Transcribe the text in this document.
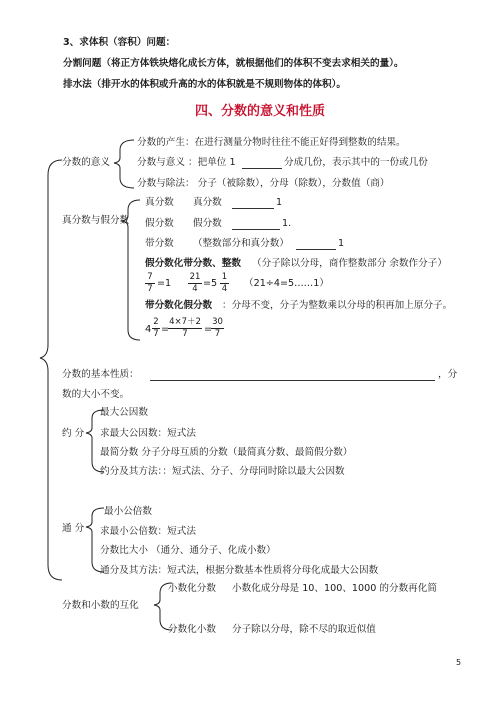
3、求体积（容积）问题：
分割问题（将正方体铁块熔化成长方体，就根据他们的体积不变去求相关的量）。
排水法（排开水的体积或升高的水的体积就是不规则物体的体积）。
四、分数的意义和性质
分数的意义
分数的产生：在进行测量分物时往往不能正好得到整数的结果。
分数与意义 ：把单位 1	分成几份，表示其中的一份或几份
分数与除法： 分子（被除数），分母（除数），分数值（商）
真分数与假分数
真分数 真分数	1
假分数 假分数	1.
带分数 （整数部分和真分数）	1
假分数化带分数、整数 （分子除以分母，商作整数部分 余数作分子）
7
7 =1
21
4 =5
1
4 （21÷4=5……1）
带分数化假分数 ：分母不变，分子为整数乘以分母的积再加上原分子。
4
2
7 =
4×7＋2
7	=
30
7
分数的基本性质：	，分
数的大小不变。
约 分
最大公因数
求最大公因数：短式法
最简分数 分子分母互质的分数（最简真分数、最简假分数）
约分及其方法：：短式法、分子、分母同时除以最大公因数
通 分
最小公倍数
求最小公倍数：短式法
分数比大小 （通分、通分子、化成小数）
通分及其方法：短式法，根据分数基本性质将分母化成最大公因数
分数和小数的互化
小数化分数 小数化成分母是 10、100、1000 的分数再化简
分数化小数 分子除以分母，除不尽的取近似值
5
